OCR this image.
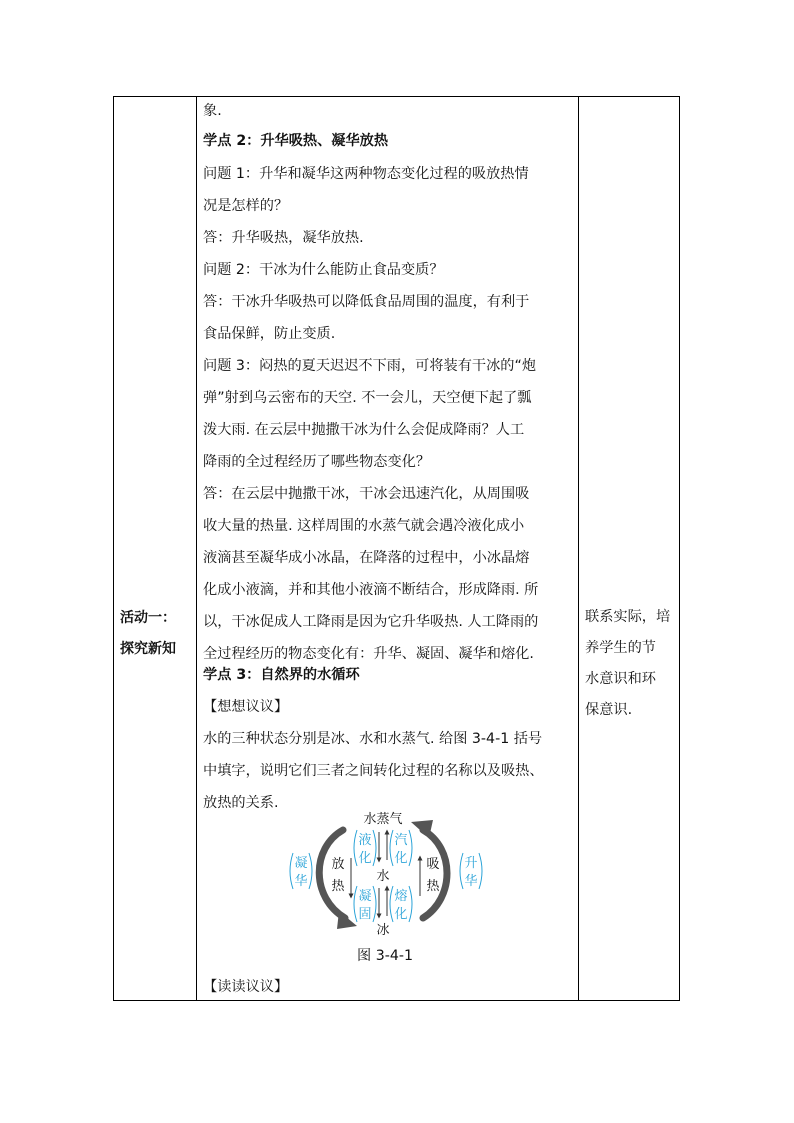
活动一：
探究新知
象.
学点 2：升华吸热、凝华放热
问题 1：升华和凝华这两种物态变化过程的吸放热情
况是怎样的？
答：升华吸热，凝华放热.
问题 2：干冰为什么能防止食品变质？
答：干冰升华吸热可以降低食品周围的温度，有利于
食品保鲜，防止变质.
问题 3：闷热的夏天迟迟不下雨，可将装有干冰的“炮
弹”射到乌云密布的天空. 不一会儿，天空便下起了瓢
泼大雨. 在云层中抛撒干冰为什么会促成降雨？人工
降雨的全过程经历了哪些物态变化？
答：在云层中抛撒干冰，干冰会迅速汽化，从周围吸
收大量的热量. 这样周围的水蒸气就会遇冷液化成小
液滴甚至凝华成小冰晶，在降落的过程中，小冰晶熔
化成小液滴，并和其他小液滴不断结合，形成降雨. 所
以，干冰促成人工降雨是因为它升华吸热. 人工降雨的
全过程经历的物态变化有：升华、凝固、凝华和熔化.
学点 3：自然界的水循环
【想想议议】
水的三种状态分别是冰、水和水蒸气. 给图 3-4-1 括号
中填字，说明它们三者之间转化过程的名称以及吸热、
放热的关系.
图 3-4-1
【读读议议】
联系实际，培
养学生的节
水意识和环
保意识.
水蒸气
水
冰
放
热
吸
热
凝
华
液
化
凝
固
汽
化
熔
化
升
华
